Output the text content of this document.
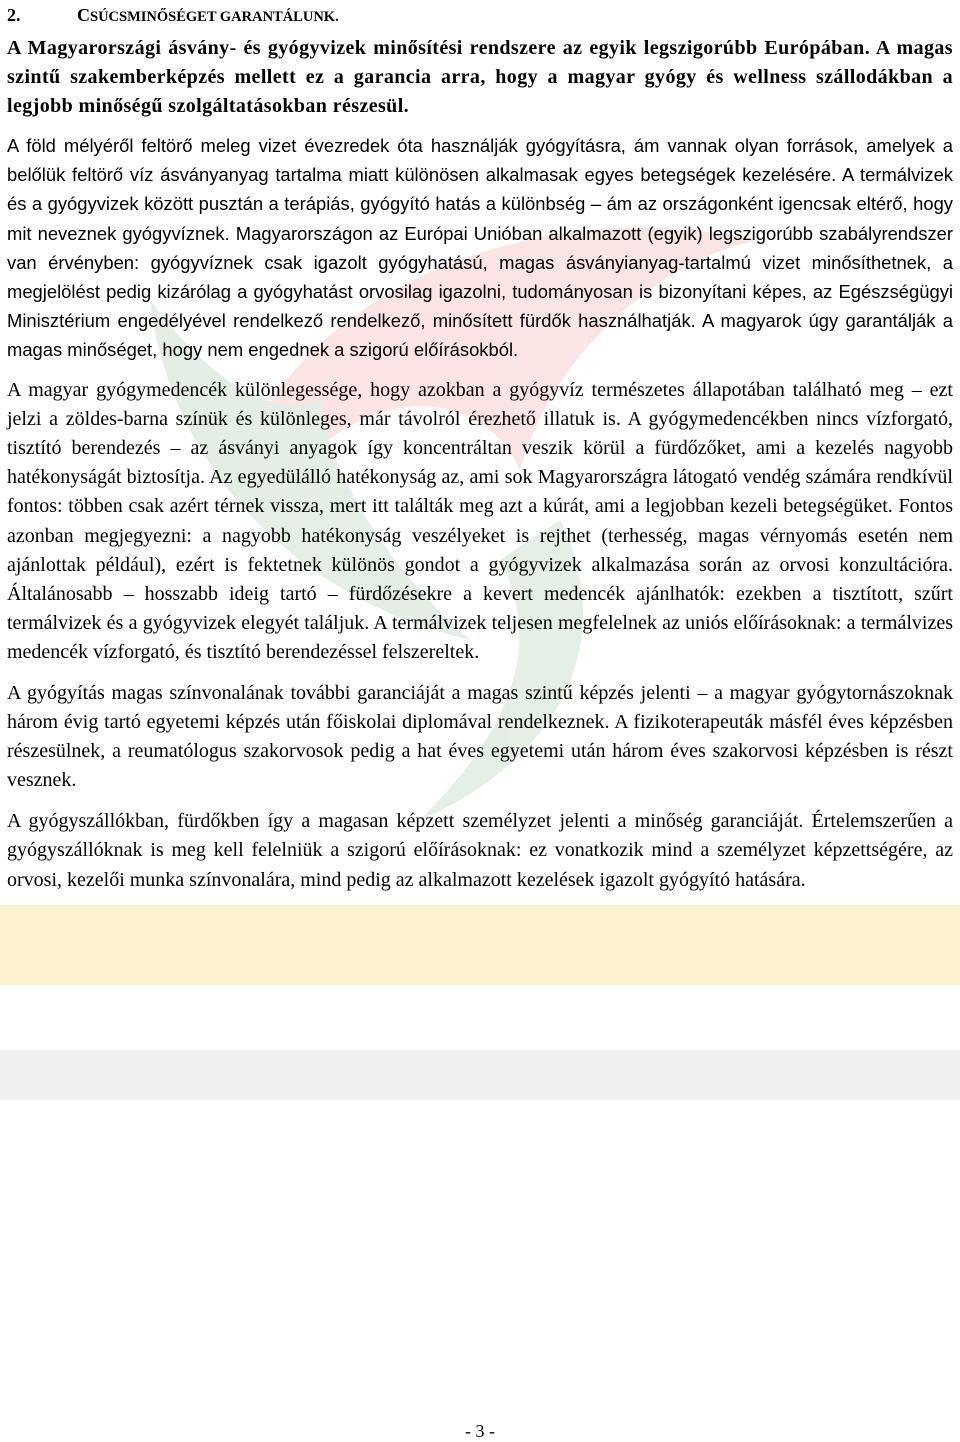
2.	CSÚCSMINŐSÉGET GARANTÁLUNK.

A Magyarországi ásvány- és gyógyvizek minősítési rendszere az egyik legszigorúbb Európában. A magas szintű szakemberképzés mellett ez a garancia arra, hogy a magyar gyógy és wellness szállodákban a legjobb minőségű szolgáltatásokban részesül.

A föld mélyéről feltörő meleg vizet évezredek óta használják gyógyításra, ám vannak olyan források, amelyek a belőlük feltörő víz ásványanyag tartalma miatt különösen alkalmasak egyes betegségek kezelésére. A termálvizek és a gyógyvizek között pusztán a terápiás, gyógyító hatás a különbség – ám az országonként igencsak eltérő, hogy mit neveznek gyógyvíznek. Magyarországon az Európai Unióban alkalmazott (egyik) legszigorúbb szabályrendszer van érvényben: gyógyvíznek csak igazolt gyógyhatású, magas ásványianyag-tartalmú vizet minősíthetnek, a megjelölést pedig kizárólag a gyógyhatást orvosilag igazolni, tudományosan is bizonyítani képes, az Egészségügyi Minisztérium engedélyével rendelkező rendelkező, minősített fürdők használhatják. A magyarok úgy garantálják a magas minőséget, hogy nem engednek a szigorú előírásokból.

A magyar gyógymedencék különlegessége, hogy azokban a gyógyvíz természetes állapotában található meg – ezt jelzi a zöldes-barna színük és különleges, már távolról érezhető illatuk is. A gyógymedencékben nincs vízforgató, tisztító berendezés – az ásványi anyagok így koncentráltan veszik körül a fürdőzőket, ami a kezelés nagyobb hatékonyságát biztosítja. Az egyedülálló hatékonyság az, ami sok Magyarországra látogató vendég számára rendkívül fontos: többen csak azért térnek vissza, mert itt találták meg azt a kúrát, ami a legjobban kezeli betegségüket. Fontos azonban megjegyezni: a nagyobb hatékonyság veszélyeket is rejthet (terhesség, magas vérnyomás esetén nem ajánlottak például), ezért is fektetnek különös gondot a gyógyvizek alkalmazása során az orvosi konzultációra. Általánosabb – hosszabb ideig tartó – fürdőzésekre a kevert medencék ajánlhatók: ezekben a tisztított, szűrt termálvizek és a gyógyvizek elegyét találjuk. A termálvizek teljesen megfelelnek az uniós előírásoknak: a termálvizes medencék vízforgató, és tisztító berendezéssel felszereltek.

A gyógyítás magas színvonalának további garanciáját a magas szintű képzés jelenti – a magyar gyógytornászoknak három évig tartó egyetemi képzés után főiskolai diplomával rendelkeznek. A fizikoterapeuták másfél éves képzésben részesülnek, a reumatólogus szakorvosok pedig a hat éves egyetemi után három éves szakorvosi képzésben is részt vesznek.

A gyógyszállókban, fürdőkben így a magasan képzett személyzet jelenti a minőség garanciáját. Értelemszerűen a gyógyszállóknak is meg kell felelniük a szigorú előírásoknak: ez vonatkozik mind a személyzet képzettségére, az orvosi, kezelői munka színvonalára, mind pedig az alkalmazott kezelések igazolt gyógyító hatására.

- 3 -
